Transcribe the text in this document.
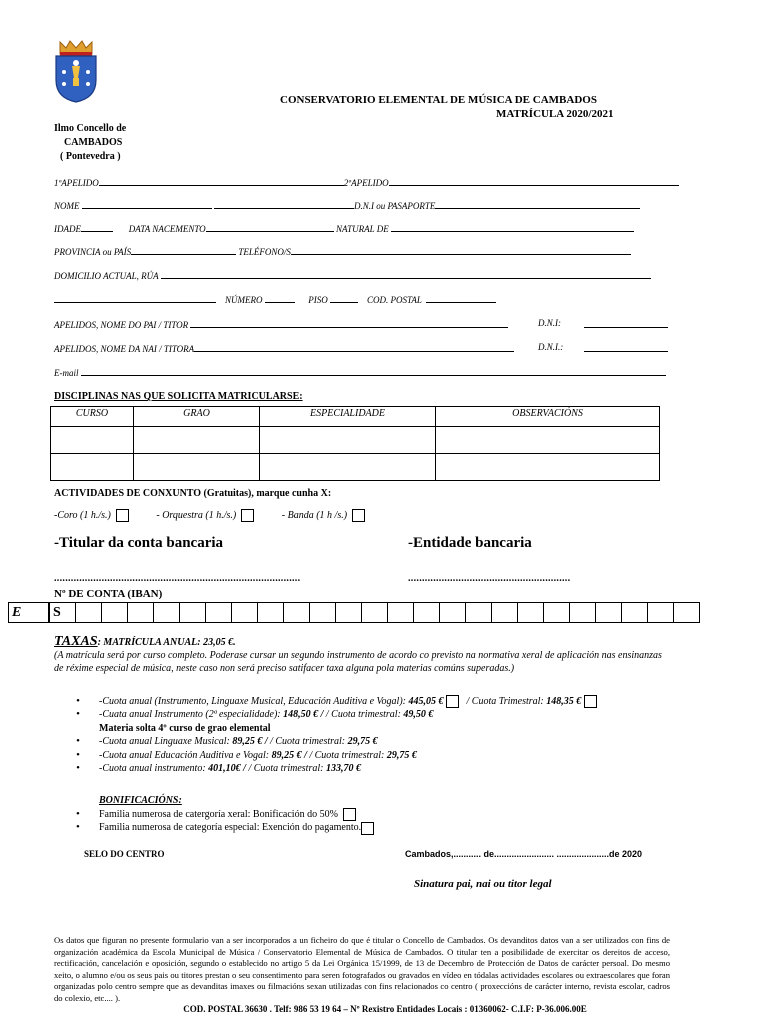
CONSERVATORIO ELEMENTAL DE MÚSICA DE CAMBADOS
MATRÍCULA 2020/2021
Ilmo Concello de
CAMBADOS
( Pontevedra )
1ºAPELIDO	2ºAPELIDO
NOME	D.N.I ou PASAPORTE
IDADE	DATA NACEMENTO	NATURAL DE
PROVINCIA ou PAÍS	TELÉFONO/S
DOMICILIO ACTUAL, RÚA
NÚMERO	PISO	COD. POSTAL
APELIDOS, NOME DO PAI / TITOR	D.N.I:
APELIDOS, NOME DA NAI / TITORA	D.N.I.:
E-mail
DISCIPLINAS NAS QUE SOLICITA MATRICULARSE:
CURSO	GRAO	ESPECIALIDADE	OBSERVACIÓNS

ACTIVIDADES DE CONXUNTO (Gratuitas), marque cunha X:
-Coro (1 h./s.)	- Orquestra (1 h./s.)	- Banda (1 h /s.)
-Titular da conta bancaria	-Entidade bancaria
........................................................................................	..........................................................
Nº DE CONTA (IBAN)
E	S																								
TAXAS: MATRÍCULA ANUAL: 23,05 €.
(A matrícula será por curso completo. Poderase cursar un segundo instrumento de acordo co previsto na normativa xeral de aplicación nas ensinanzas de réxime especial de música, neste caso non será preciso satifacer taxa alguna pola materias comúns superadas.)
• -Cuota anual (Instrumento, Linguaxe Musical, Educación Auditiva e Vogal): 445,05 € / Cuota Trimestral: 148,35 €
• -Cuata anual Instrumento (2ª especialidade): 148,50 € / / Cuota trimestral: 49,50 €
Materia solta 4º curso de grao elemental
• -Cuota anual Linguaxe Musical: 89,25 € / / Cuota trimestral: 29,75 €
• -Cuota anual Educación Auditiva e Vogal: 89,25 € / / Cuota trimestral: 29,75 €
• -Cuota anual instrumento: 401,10€ / / Cuota trimestral: 133,70 €
BONIFICACIÓNS:
• Familia numerosa de catergoría xeral: Bonificación do 50%
• Familia numerosa de categoría especial: Exención do pagamento.
SELO DO CENTRO	Cambados,........... de........................ .....................de 2020
Sinatura pai, nai ou titor legal
Os datos que figuran no presente formulario van a ser incorporados a un ficheiro do que é titular o Concello de Cambados. Os devanditos datos van a ser utilizados con fins de organización académica da Escola Municipal de Música / Conservatorio Elemental de Música de Cambados. O titular ten a posibilidade de exercitar os dereitos de acceso, rectificación, cancelación e oposición, segundo o establecido no artigo 5 da Lei Orgánica 15/1999, de 13 de Decembro de Protección de Datos de carácter persoal. Do mesmo xeito, o alumno e/ou os seus pais ou titores prestan o seu consentimento para seren fotografados ou gravados en vídeo en tódalas actividades escolares ou extraescolares que foran organizadas polo centro sempre que as devanditas imaxes ou filmacións sexan utilizadas con fins relacionados co centro ( proxeccións de carácter interno, revista escolar, cadros do colexio, etc.... ).
COD. POSTAL 36630 . Telf: 986 53 19 64 – Nº Rexistro Entidades Locais : 01360062- C.I.F: P-36.006.00E
